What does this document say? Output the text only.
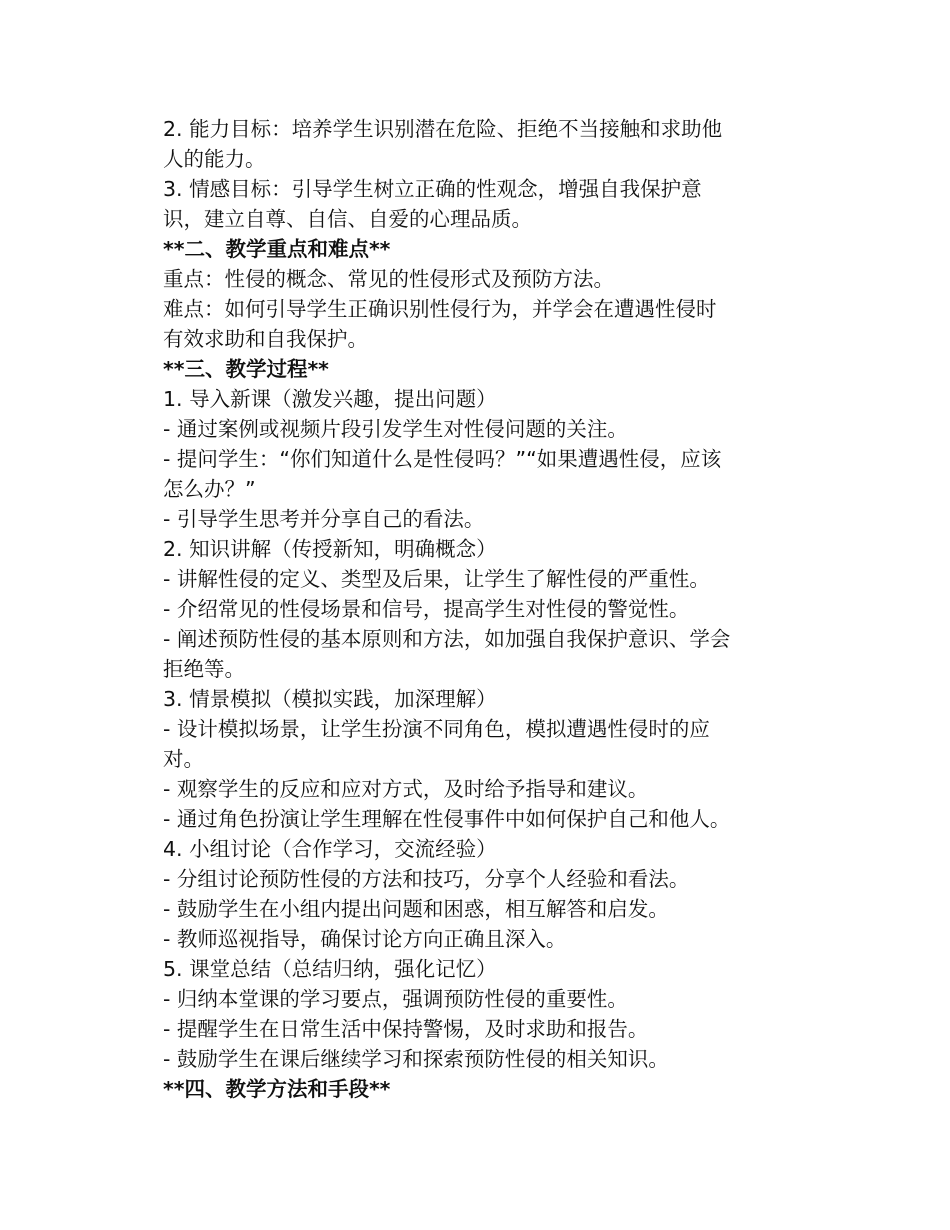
2. 能力目标：培养学生识别潜在危险、拒绝不当接触和求助他
人的能力。
3. 情感目标：引导学生树立正确的性观念，增强自我保护意
识，建立自尊、自信、自爱的心理品质。
**二、教学重点和难点**
重点：性侵的概念、常见的性侵形式及预防方法。
难点：如何引导学生正确识别性侵行为，并学会在遭遇性侵时
有效求助和自我保护。
**三、教学过程**
1. 导入新课（激发兴趣，提出问题）
- 通过案例或视频片段引发学生对性侵问题的关注。
- 提问学生：“你们知道什么是性侵吗？”“如果遭遇性侵，应该
怎么办？”
- 引导学生思考并分享自己的看法。
2. 知识讲解（传授新知，明确概念）
- 讲解性侵的定义、类型及后果，让学生了解性侵的严重性。
- 介绍常见的性侵场景和信号，提高学生对性侵的警觉性。
- 阐述预防性侵的基本原则和方法，如加强自我保护意识、学会
拒绝等。
3. 情景模拟（模拟实践，加深理解）
- 设计模拟场景，让学生扮演不同角色，模拟遭遇性侵时的应
对。
- 观察学生的反应和应对方式，及时给予指导和建议。
- 通过角色扮演让学生理解在性侵事件中如何保护自己和他人。
4. 小组讨论（合作学习，交流经验）
- 分组讨论预防性侵的方法和技巧，分享个人经验和看法。
- 鼓励学生在小组内提出问题和困惑，相互解答和启发。
- 教师巡视指导，确保讨论方向正确且深入。
5. 课堂总结（总结归纳，强化记忆）
- 归纳本堂课的学习要点，强调预防性侵的重要性。
- 提醒学生在日常生活中保持警惕，及时求助和报告。
- 鼓励学生在课后继续学习和探索预防性侵的相关知识。
**四、教学方法和手段**
